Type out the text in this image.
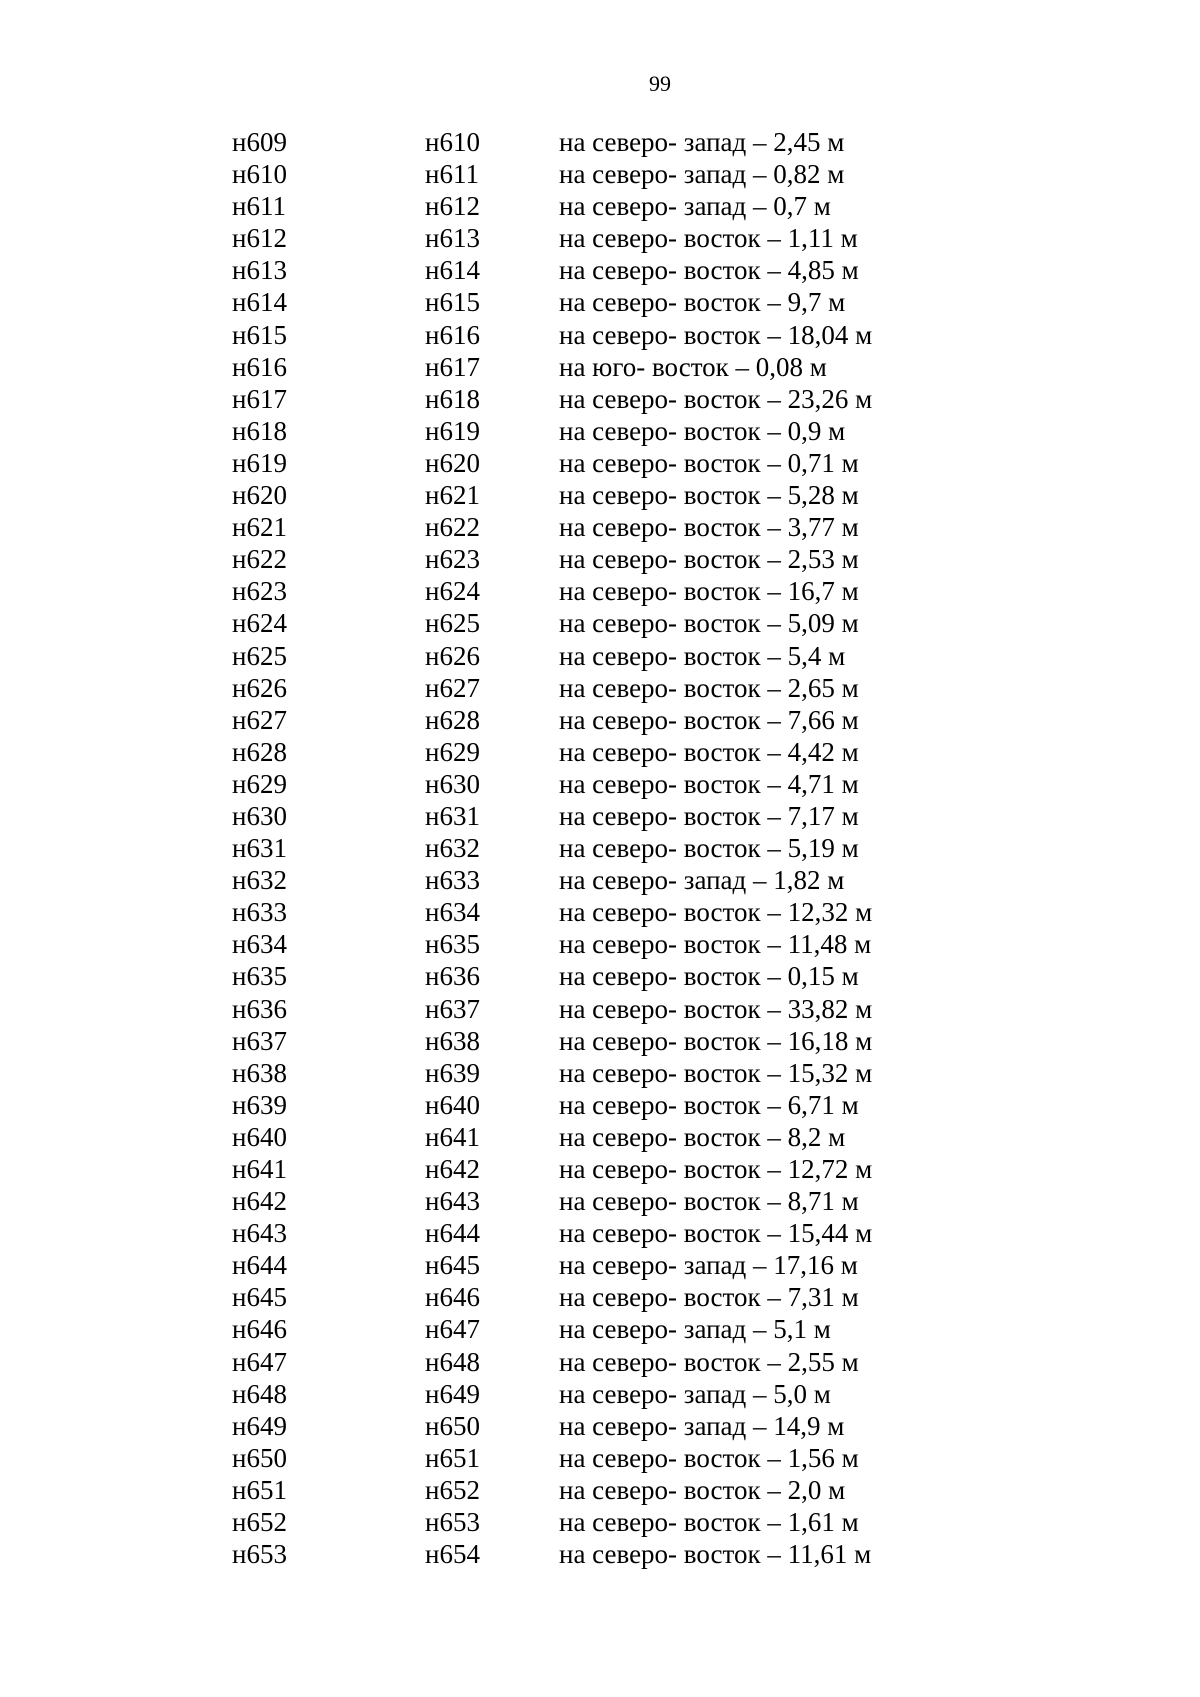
99
н609	н610	на северо- запад – 2,45 м
н610	н611	на северо- запад – 0,82 м
н611	н612	на северо- запад – 0,7 м
н612	н613	на северо- восток – 1,11 м
н613	н614	на северо- восток – 4,85 м
н614	н615	на северо- восток – 9,7 м
н615	н616	на северо- восток – 18,04 м
н616	н617	на юго- восток – 0,08 м
н617	н618	на северо- восток – 23,26 м
н618	н619	на северо- восток – 0,9 м
н619	н620	на северо- восток – 0,71 м
н620	н621	на северо- восток – 5,28 м
н621	н622	на северо- восток – 3,77 м
н622	н623	на северо- восток – 2,53 м
н623	н624	на северо- восток – 16,7 м
н624	н625	на северо- восток – 5,09 м
н625	н626	на северо- восток – 5,4 м
н626	н627	на северо- восток – 2,65 м
н627	н628	на северо- восток – 7,66 м
н628	н629	на северо- восток – 4,42 м
н629	н630	на северо- восток – 4,71 м
н630	н631	на северо- восток – 7,17 м
н631	н632	на северо- восток – 5,19 м
н632	н633	на северо- запад – 1,82 м
н633	н634	на северо- восток – 12,32 м
н634	н635	на северо- восток – 11,48 м
н635	н636	на северо- восток – 0,15 м
н636	н637	на северо- восток – 33,82 м
н637	н638	на северо- восток – 16,18 м
н638	н639	на северо- восток – 15,32 м
н639	н640	на северо- восток – 6,71 м
н640	н641	на северо- восток – 8,2 м
н641	н642	на северо- восток – 12,72 м
н642	н643	на северо- восток – 8,71 м
н643	н644	на северо- восток – 15,44 м
н644	н645	на северо- запад – 17,16 м
н645	н646	на северо- восток – 7,31 м
н646	н647	на северо- запад – 5,1 м
н647	н648	на северо- восток – 2,55 м
н648	н649	на северо- запад – 5,0 м
н649	н650	на северо- запад – 14,9 м
н650	н651	на северо- восток – 1,56 м
н651	н652	на северо- восток – 2,0 м
н652	н653	на северо- восток – 1,61 м
н653	н654	на северо- восток – 11,61 м
